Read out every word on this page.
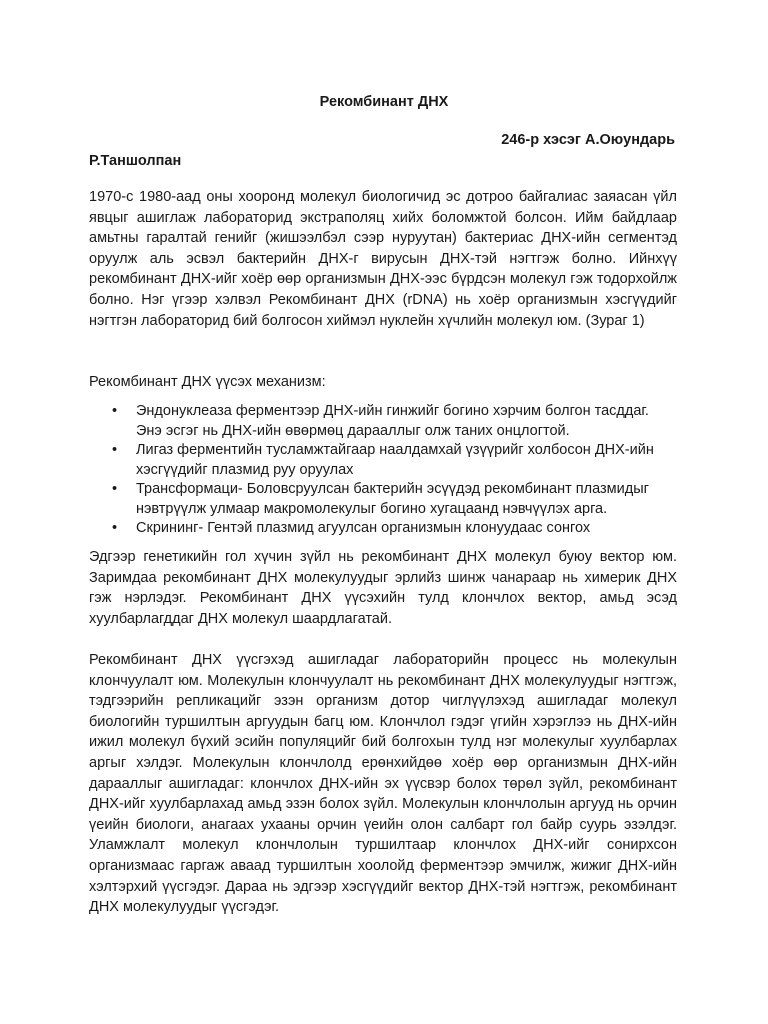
Рекомбинант ДНХ

246-р хэсэг А.Оюундарь

Р.Таншолпан

1970-с 1980-аад оны хооронд молекул биологичид эс дотроо байгалиас заяасан үйл явцыг ашиглаж лабораторид экстраполяц хийх боломжтой болсон. Ийм байдлаар амьтны гаралтай генийг (жишээлбэл сээр нуруутан) бактериас ДНХ-ийн сегментэд оруулж аль эсвэл бактерийн ДНХ-г вирусын ДНХ-тэй нэгтгэж болно. Ийнхүү рекомбинант ДНХ-ийг хоёр өөр организмын ДНХ-ээс бүрдсэн молекул гэж тодорхойлж болно. Нэг үгээр хэлвэл Рекомбинант ДНХ (rDNA) нь хоёр организмын хэсгүүдийг нэгтгэн лабораторид бий болгосон хиймэл нуклейн хүчлийн молекул юм. (Зураг 1)

Рекомбинант ДНХ үүсэх механизм:

• Эндонуклеаза ферментээр ДНХ-ийн гинжийг богино хэрчим болгон тасддаг. Энэ эсгэг нь ДНХ-ийн өвөрмөц дарааллыг олж таних онцлогтой.
• Лигаз ферментийн тусламжтайгаар наалдамхай үзүүрийг холбосон ДНХ-ийн хэсгүүдийг плазмид руу оруулах
• Трансформаци- Боловсруулсан бактерийн эсүүдэд рекомбинант плазмидыг нэвтрүүлж улмаар макромолекулыг богино хугацаанд нэвчүүлэх арга.
• Скрининг- Гентэй плазмид агуулсан организмын клонуудаас сонгох

Эдгээр генетикийн гол хүчин зүйл нь рекомбинант ДНХ молекул буюу вектор юм. Заримдаа рекомбинант ДНХ молекулуудыг эрлийз шинж чанараар нь химерик ДНХ гэж нэрлэдэг. Рекомбинант ДНХ үүсэхийн тулд клончлох вектор, амьд эсэд хуулбарлагддаг ДНХ молекул шаардлагатай.

Рекомбинант ДНХ үүсгэхэд ашигладаг лабораторийн процесс нь молекулын клончуулалт юм. Молекулын клончуулалт нь рекомбинант ДНХ молекулуудыг нэгтгэж, тэдгээрийн репликацийг эзэн организм дотор чиглүүлэхэд ашигладаг молекул биологийн туршилтын аргуудын багц юм. Клончлол гэдэг үгийн хэрэглээ нь ДНХ-ийн ижил молекул бүхий эсийн популяцийг бий болгохын тулд нэг молекулыг хуулбарлах аргыг хэлдэг. Молекулын клончлолд ерөнхийдөө хоёр өөр организмын ДНХ-ийн дарааллыг ашигладаг: клончлох ДНХ-ийн эх үүсвэр болох төрөл зүйл, рекомбинант ДНХ-ийг хуулбарлахад амьд эзэн болох зүйл. Молекулын клончлолын аргууд нь орчин үеийн биологи, анагаах ухааны орчин үеийн олон салбарт гол байр суурь эзэлдэг. Уламжлалт молекул клончлолын туршилтаар клончлох ДНХ-ийг сонирхсон организмаас гаргаж аваад туршилтын хоолойд ферментээр эмчилж, жижиг ДНХ-ийн хэлтэрхий үүсгэдэг. Дараа нь эдгээр хэсгүүдийг вектор ДНХ-тэй нэгтгэж, рекомбинант ДНХ молекулуудыг үүсгэдэг.
